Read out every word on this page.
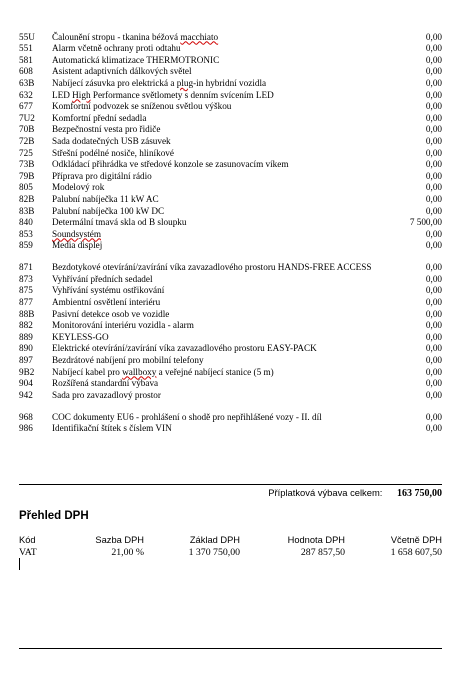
55U	Čalounění stropu - tkanina béžová macchiato	0,00
551	Alarm včetně ochrany proti odtahu	0,00
581	Automatická klimatizace THERMOTRONIC	0,00
608	Asistent adaptivních dálkových světel	0,00
63B	Nabíjecí zásuvka pro elektrická a plug-in hybridní vozidla	0,00
632	LED High Performance světlomety s denním svícením LED	0,00
677	Komfortní podvozek se sníženou světlou výškou	0,00
7U2	Komfortní přední sedadla	0,00
70B	Bezpečnostní vesta pro řidiče	0,00
72B	Sada dodatečných USB zásuvek	0,00
725	Střešní podélné nosiče, hliníkové	0,00
73B	Odkládací přihrádka ve středové konzole se zasunovacím víkem	0,00
79B	Příprava pro digitální rádio	0,00
805	Modelový rok	0,00
82B	Palubní nabíječka 11 kW AC	0,00
83B	Palubní nabíječka 100 kW DC	0,00
840	Determální tmavá skla od B sloupku	7 500,00
853	Soundsystém	0,00
859	Media displej	0,00
871	Bezdotykové otevírání/zavírání víka zavazadlového prostoru HANDS-FREE ACCESS	0,00
873	Vyhřívání předních sedadel	0,00
875	Vyhřívání systému ostřikování	0,00
877	Ambientní osvětlení interiéru	0,00
88B	Pasivní detekce osob ve vozidle	0,00
882	Monitorování interiéru vozidla - alarm	0,00
889	KEYLESS-GO	0,00
890	Elektrické otevírání/zavírání víka zavazadlového prostoru EASY-PACK	0,00
897	Bezdrátové nabíjení pro mobilní telefony	0,00
9B2	Nabíjecí kabel pro wallboxy a veřejné nabíjecí stanice (5 m)	0,00
904	Rozšířená standardní výbava	0,00
942	Sada pro zavazadlový prostor	0,00
968	COC dokumenty EU6 - prohlášení o shodě pro nepřihlášené vozy - II. díl	0,00
986	Identifikační štítek s číslem VIN	0,00
Příplatková výbava celkem: 163 750,00
Přehled DPH
Kód	Sazba DPH	Základ DPH	Hodnota DPH	Včetně DPH
VAT	21,00 %	1 370 750,00	287 857,50	1 658 607,50
